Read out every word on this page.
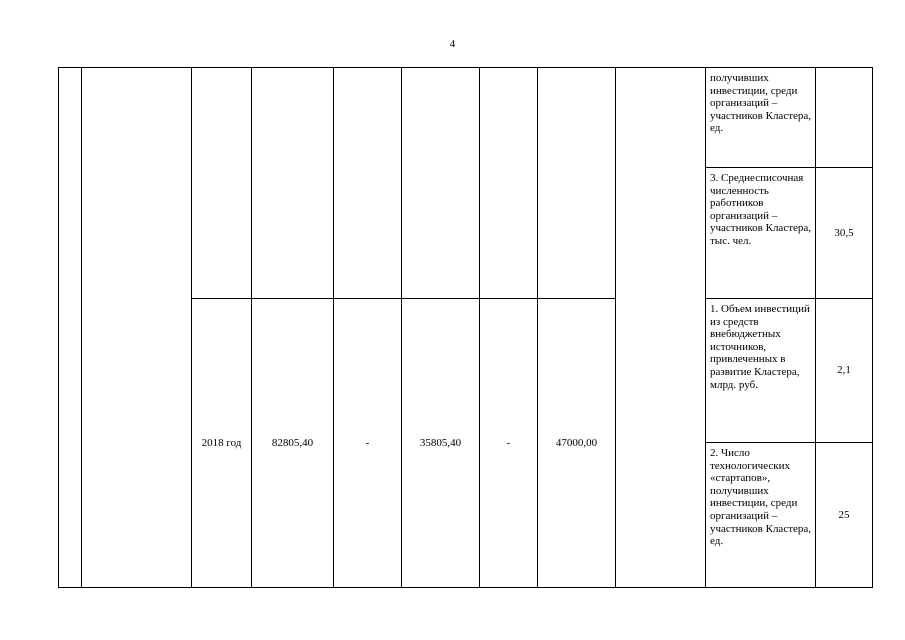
4
									получивших инвестиции, среди организаций – участников Кластера, ед.	
									3. Среднесписочная численность работников организаций – участников Кластера, тыс. чел.	30,5
		2018 год	82805,40	-	35805,40	-	47000,00		1. Объем инвестиций из средств внебюджетных источников, привлеченных в развитие Кластера, млрд. руб.	2,1
									2. Число технологических «стартапов», получивших инвестиции, среди организаций – участников Кластера, ед.	25
